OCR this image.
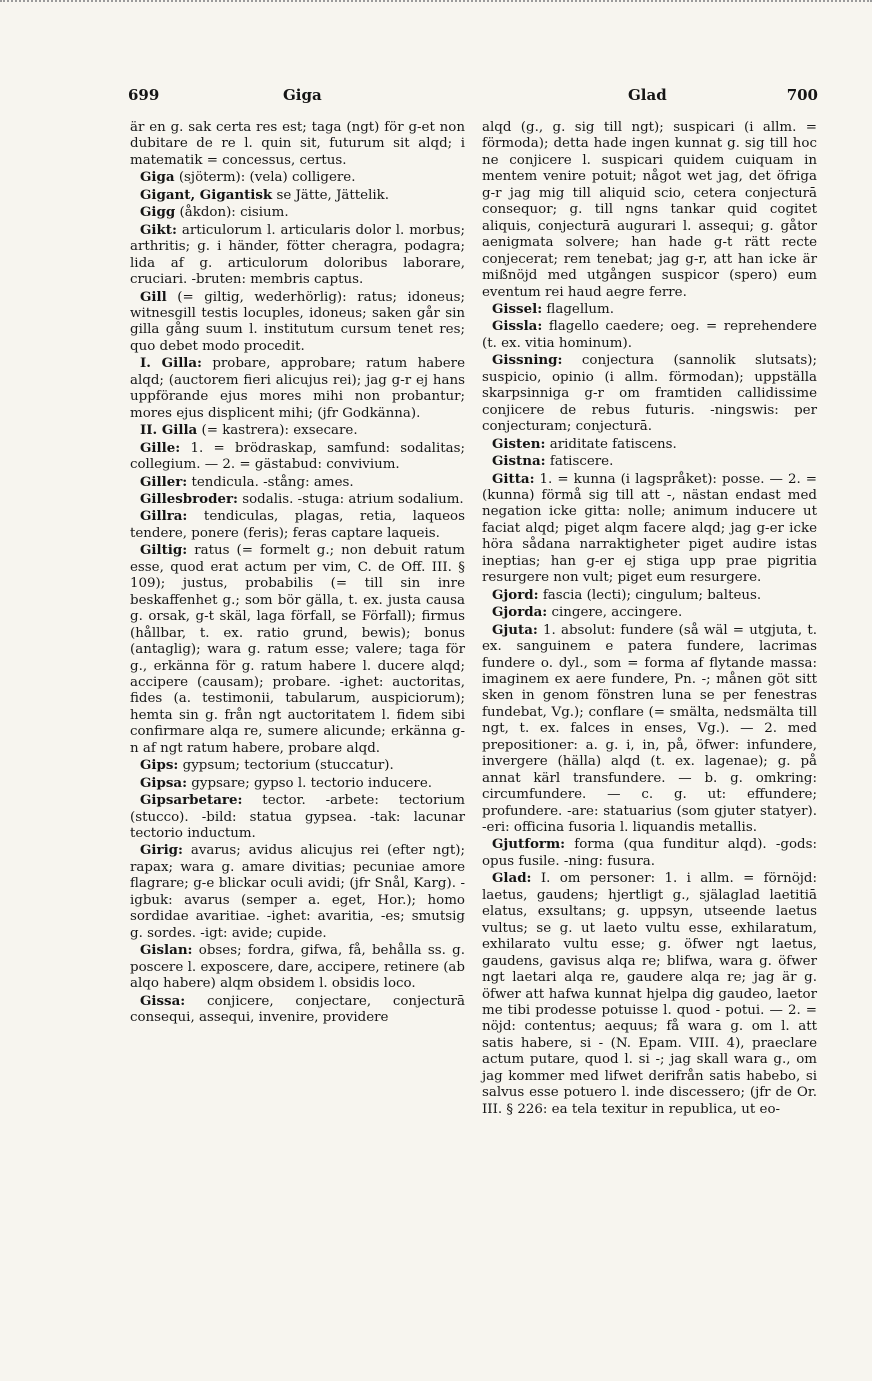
699	Giga	Glad	700

är en g. sak certa res est; taga (ngt) för g-et non dubitare de re l. quin sit, futurum sit alqd; i matematik = concessus, certus.

Giga (sjöterm): (vela) colligere.

Gigant, Gigantisk se Jätte, Jättelik.

Gigg (åkdon): cisium.

Gikt: articulorum l. articularis dolor l. morbus; arthritis; g. i händer, fötter cheragra, podagra; lida af g. articulorum doloribus laborare, cruciari. -bruten: membris captus.

Gill (= giltig, wederhörlig): ratus; idoneus; witnesgill testis locuples, idoneus; saken går sin gilla gång suum l. institutum cursum tenet res; quo debet modo procedit.

I. Gilla: probare, approbare; ratum habere alqd; (auctorem fieri alicujus rei); jag g-r ej hans uppförande ejus mores mihi non probantur; mores ejus displicent mihi; (jfr Godkänna).

II. Gilla (= kastrera): exsecare.

Gille: 1. = brödraskap, samfund: sodalitas; collegium. — 2. = gästabud: convivium.

Giller: tendicula. -stång: ames.

Gillesbroder: sodalis. -stuga: atrium sodalium.

Gillra: tendiculas, plagas, retia, laqueos tendere, ponere (feris); feras captare laqueis.

Giltig: ratus (= formelt g.; non debuit ratum esse, quod erat actum per vim, C. de Off. III. § 109); justus, probabilis (= till sin inre beskaffenhet g.; som bör gälla, t. ex. justa causa g. orsak, g-t skäl, laga förfall, se Förfall); firmus (hållbar, t. ex. ratio grund, bewis); bonus (antaglig); wara g. ratum esse; valere; taga för g., erkänna för g. ratum habere l. ducere alqd; accipere (causam); probare. -ighet: auctoritas, fides (a. testimonii, tabularum, auspiciorum); hemta sin g. från ngt auctoritatem l. fidem sibi confirmare alqa re, sumere alicunde; erkänna g-n af ngt ratum habere, probare alqd.

Gips: gypsum; tectorium (stuccatur).

Gipsa: gypsare; gypso l. tectorio inducere.

Gipsarbetare: tector. -arbete: tectorium (stucco). -bild: statua gypsea. -tak: lacunar tectorio inductum.

Girig: avarus; avidus alicujus rei (efter ngt); rapax; wara g. amare divitias; pecuniae amore flagrare; g-e blickar oculi avidi; (jfr Snål, Karg). -igbuk: avarus (semper a. eget, Hor.); homo sordidae avaritiae. -ighet: avaritia, -es; smutsig g. sordes. -igt: avide; cupide.

Gislan: obses; fordra, gifwa, få, behålla ss. g. poscere l. exposcere, dare, accipere, retinere (ab alqo habere) alqm obsidem l. obsidis loco.

Gissa: conjicere, conjectare, conjecturā consequi, assequi, invenire, providere

alqd (g., g. sig till ngt); suspicari (i allm. = förmoda); detta hade ingen kunnat g. sig till hoc ne conjicere l. suspicari quidem cuiquam in mentem venire potuit; något wet jag, det öfriga g-r jag mig till aliquid scio, cetera conjecturā consequor; g. till ngns tankar quid cogitet aliquis, conjecturā augurari l. assequi; g. gåtor aenigmata solvere; han hade g-t rätt recte conjecerat; rem tenebat; jag g-r, att han icke är mißnöjd med utgången suspicor (spero) eum eventum rei haud aegre ferre.

Gissel: flagellum.

Gissla: flagello caedere; oeg. = reprehendere (t. ex. vitia hominum).

Gissning: conjectura (sannolik slutsats); suspicio, opinio (i allm. förmodan); uppställa skarpsinniga g-r om framtiden callidissime conjicere de rebus futuris. -ningswis: per conjecturam; conjecturā.

Gisten: ariditate fatiscens.

Gistna: fatiscere.

Gitta: 1. = kunna (i lagspråket): posse. — 2. = (kunna) förmå sig till att -, nästan endast med negation icke gitta: nolle; animum inducere ut faciat alqd; piget alqm facere alqd; jag g-er icke höra sådana narraktigheter piget audire istas ineptias; han g-er ej stiga upp prae pigritia resurgere non vult; piget eum resurgere.

Gjord: fascia (lecti); cingulum; balteus.

Gjorda: cingere, accingere.

Gjuta: 1. absolut: fundere (så wäl = utgjuta, t. ex. sanguinem e patera fundere, lacrimas fundere o. dyl., som = forma af flytande massa: imaginem ex aere fundere, Pn. -; månen göt sitt sken in genom fönstren luna se per fenestras fundebat, Vg.); conflare (= smälta, nedsmälta till ngt, t. ex. falces in enses, Vg.). — 2. med prepositioner: a. g. i, in, på, öfwer: infundere, invergere (hälla) alqd (t. ex. lagenae); g. på annat kärl transfundere. — b. g. omkring: circumfundere. — c. g. ut: effundere; profundere. -are: statuarius (som gjuter statyer). -eri: officina fusoria l. liquandis metallis.

Gjutform: forma (qua funditur alqd). -gods: opus fusile. -ning: fusura.

Glad: I. om personer: 1. i allm. = förnöjd: laetus, gaudens; hjertligt g., själaglad laetitiā elatus, exsultans; g. uppsyn, utseende laetus vultus; se g. ut laeto vultu esse, exhilaratum, exhilarato vultu esse; g. öfwer ngt laetus, gaudens, gavisus alqa re; blifwa, wara g. öfwer ngt laetari alqa re, gaudere alqa re; jag är g. öfwer att hafwa kunnat hjelpa dig gaudeo, laetor me tibi prodesse potuisse l. quod - potui. — 2. = nöjd: contentus; aequus; få wara g. om l. att satis habere, si - (N. Epam. VIII. 4), praeclare actum putare, quod l. si -; jag skall wara g., om jag kommer med lifwet derifrån satis habebo, si salvus esse potuero l. inde discessero; (jfr de Or. III. § 226: ea tela texitur in republica, ut eo-
